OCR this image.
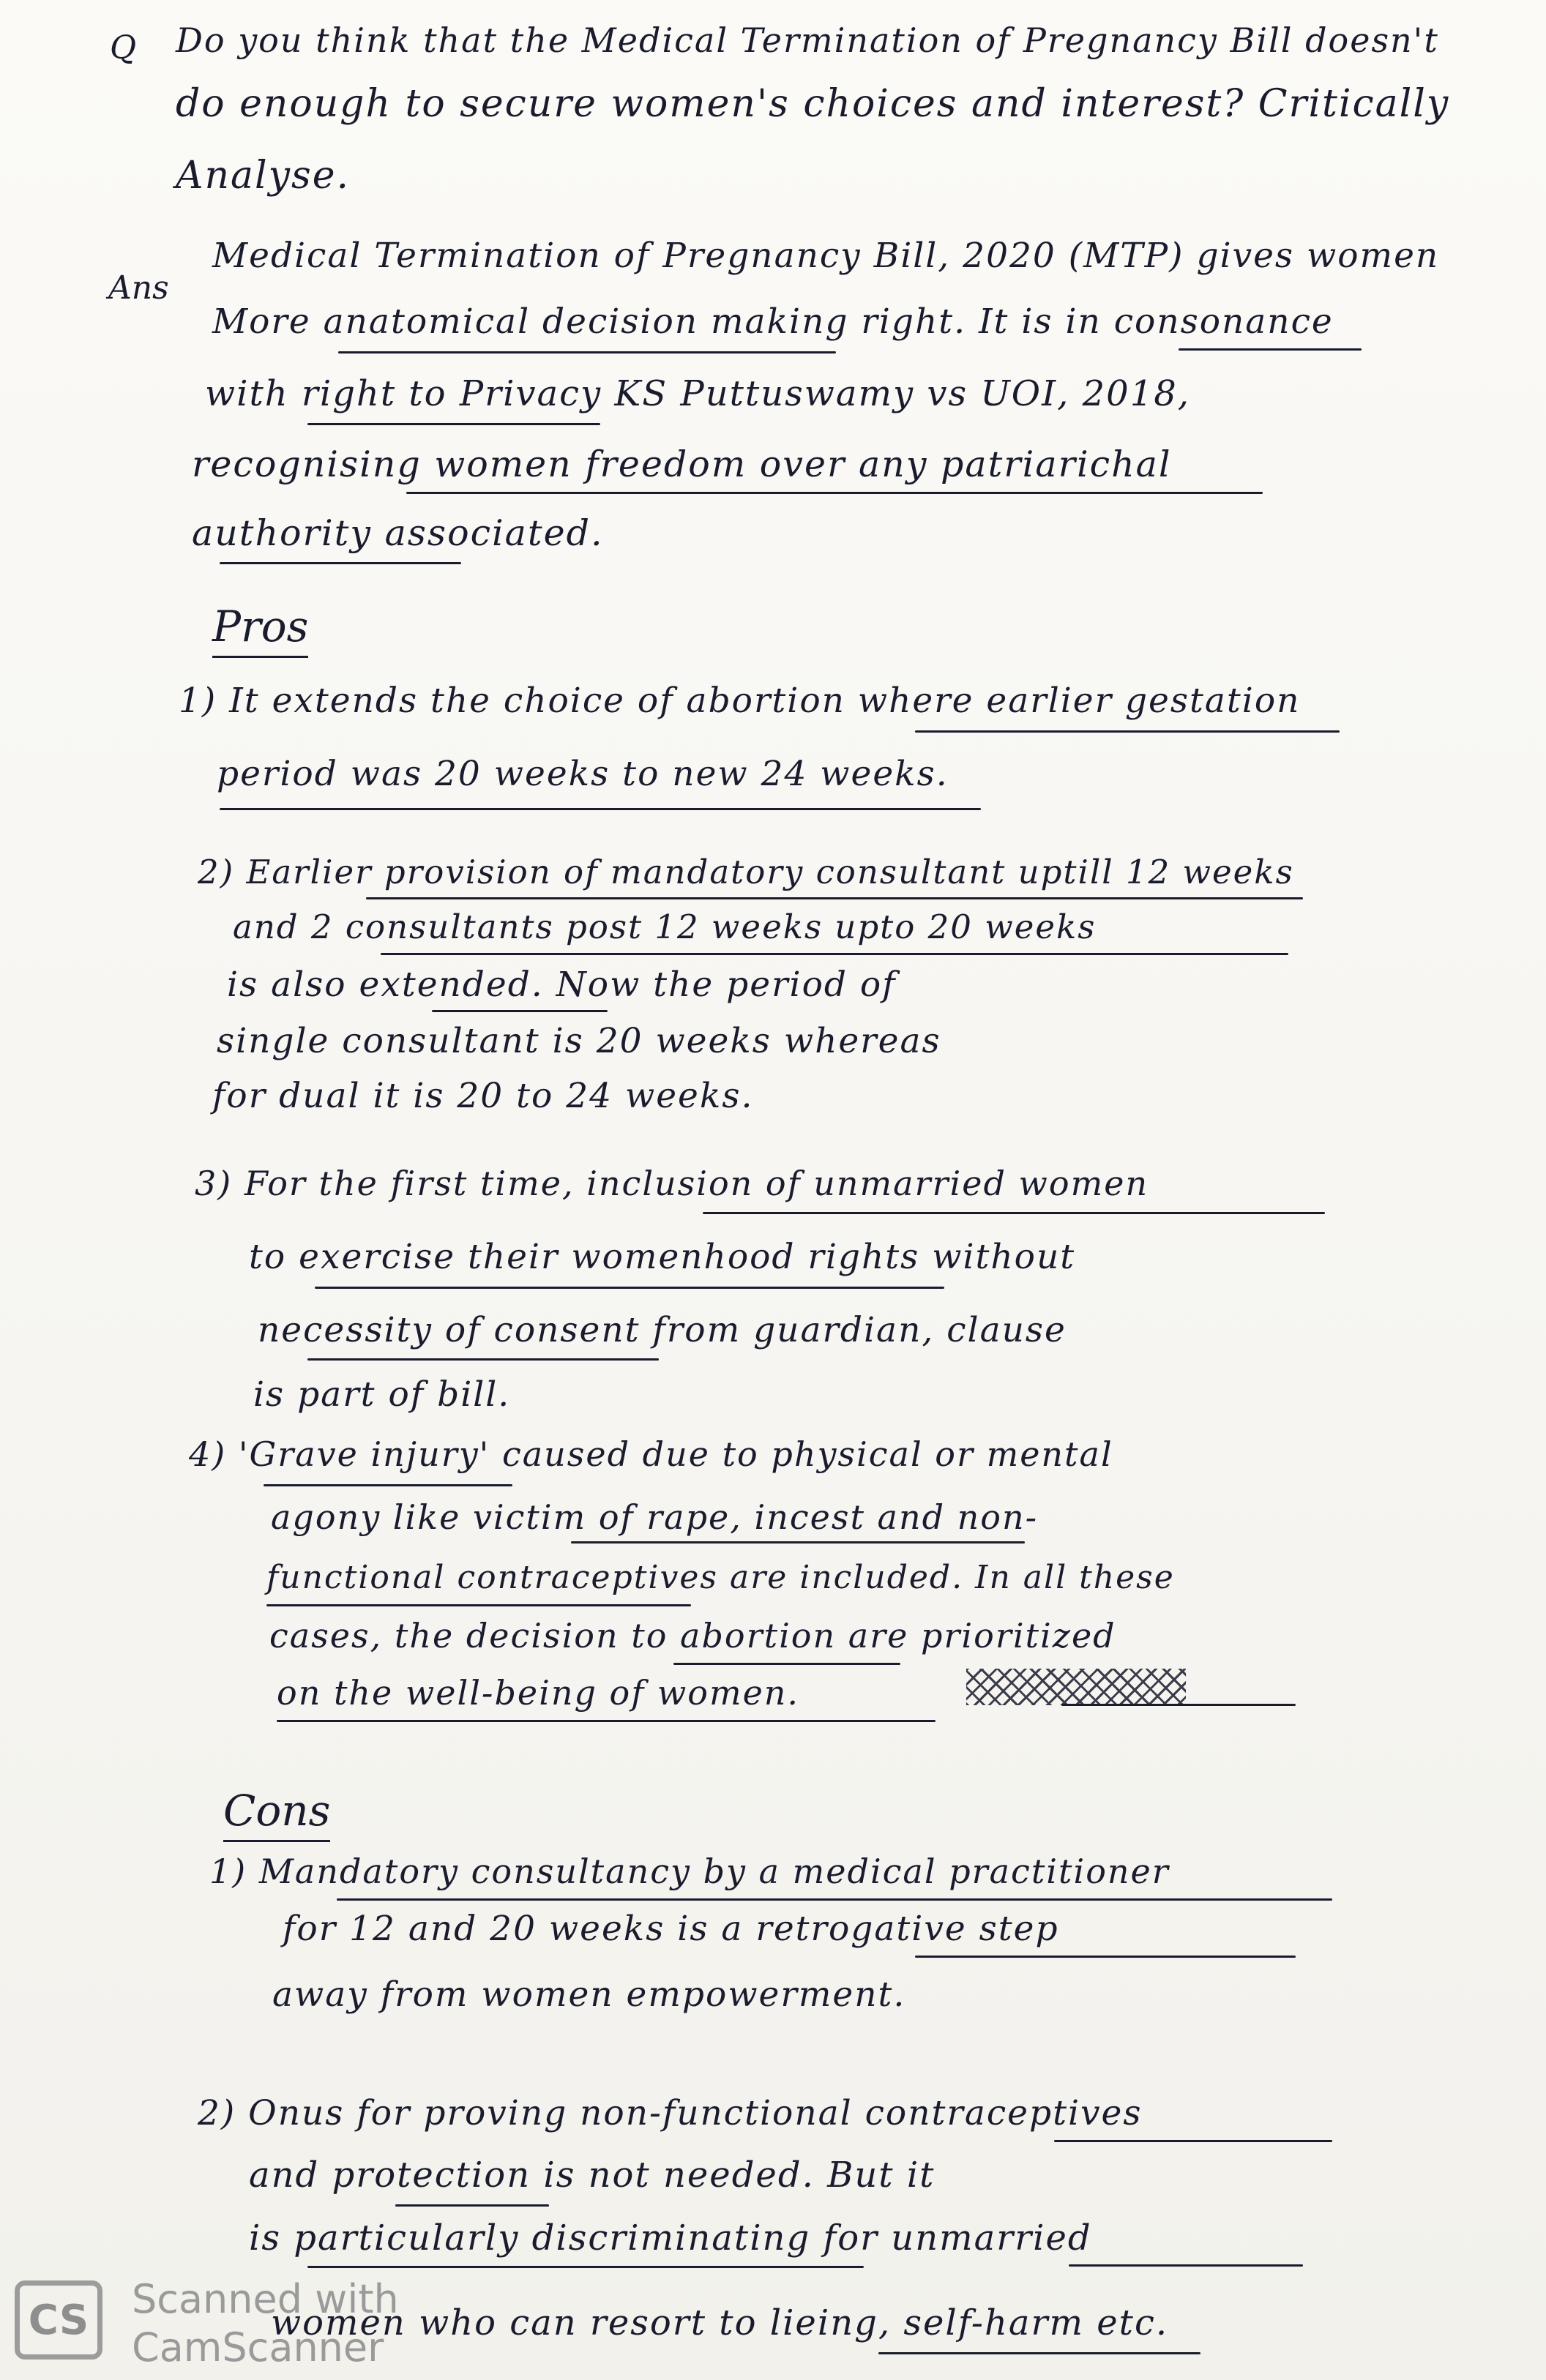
Q Do you think that the Medical Termination of Pregnancy Bill doesn't
do enough to secure women's choices and interest? Critically
Analyse.
Ans
Medical Termination of Pregnancy Bill, 2020 (MTP) gives women
More anatomical decision making right. It is in consonance
with right to Privacy KS Puttuswamy vs UOI, 2018,
recognising women freedom over any patriarichal
authority associated.
Pros
1) It extends the choice of abortion where earlier gestation
period was 20 weeks to new 24 weeks.
2) Earlier provision of mandatory consultant uptill 12 weeks
and 2 consultants post 12 weeks upto 20 weeks
is also extended. Now the period of
single consultant is 20 weeks whereas
for dual it is 20 to 24 weeks.
3) For the first time, inclusion of unmarried women
to exercise their womenhood rights without
necessity of consent from guardian, clause
is part of bill.
4) 'Grave injury' caused due to physical or mental
agony like victim of rape, incest and non-
functional contraceptives are included. In all these
cases, the decision to abortion are prioritized
on the well-being of women.
Cons
1) Mandatory consultancy by a medical practitioner
for 12 and 20 weeks is a retrogative step
away from women empowerment.
2) Onus for proving non-functional contraceptives
and protection is not needed. But it
is particularly discriminating for unmarried
women who can resort to lieing, self-harm etc.
CS	Scanned with
CamScanner
